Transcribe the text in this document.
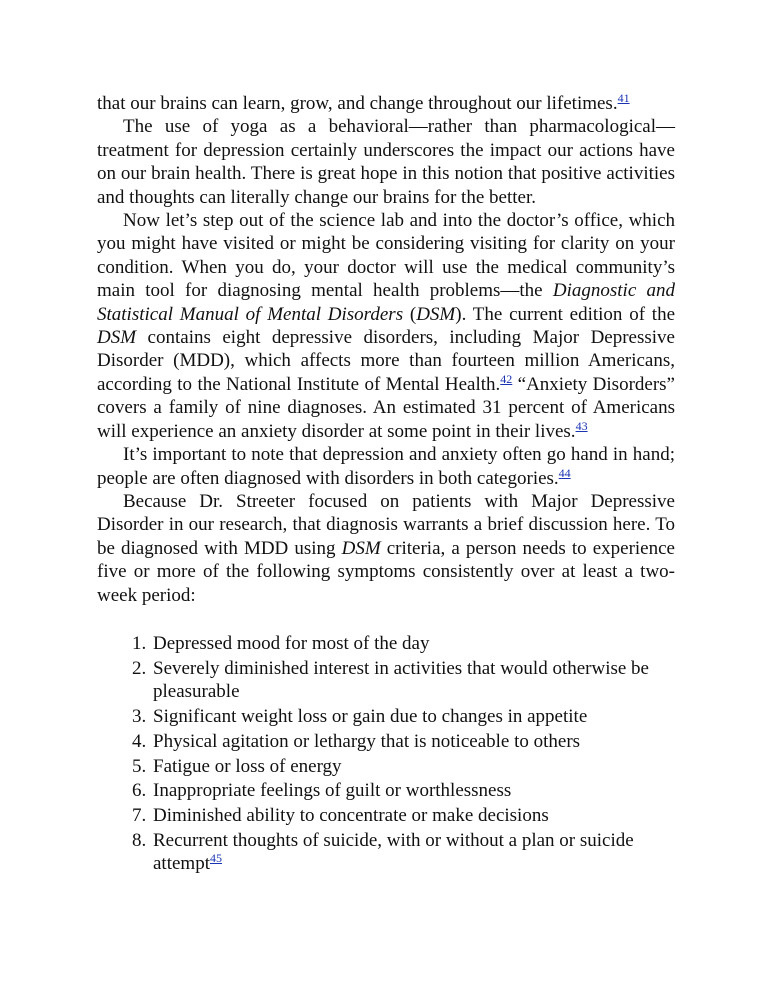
that our brains can learn, grow, and change throughout our lifetimes.$^{41}$

The use of yoga as a behavioral—rather than pharmacological—treatment for depression certainly underscores the impact our actions have on our brain health. There is great hope in this notion that positive activities and thoughts can literally change our brains for the better.

Now let’s step out of the science lab and into the doctor’s office, which you might have visited or might be considering visiting for clarity on your condition. When you do, your doctor will use the medical community’s main tool for diagnosing mental health problems—the Diagnostic and Statistical Manual of Mental Disorders (DSM). The current edition of the DSM contains eight depressive disorders, including Major Depressive Disorder (MDD), which affects more than fourteen million Americans, according to the National Institute of Mental Health.$^{42}$ “Anxiety Disorders” covers a family of nine diagnoses. An estimated 31 percent of Americans will experience an anxiety disorder at some point in their lives.$^{43}$

It’s important to note that depression and anxiety often go hand in hand; people are often diagnosed with disorders in both categories.$^{44}$

Because Dr. Streeter focused on patients with Major Depressive Disorder in our research, that diagnosis warrants a brief discussion here. To be diagnosed with MDD using DSM criteria, a person needs to experience five or more of the following symptoms consistently over at least a two-week period:

1. Depressed mood for most of the day
2. Severely diminished interest in activities that would otherwise be pleasurable
3. Significant weight loss or gain due to changes in appetite
4. Physical agitation or lethargy that is noticeable to others
5. Fatigue or loss of energy
6. Inappropriate feelings of guilt or worthlessness
7. Diminished ability to concentrate or make decisions
8. Recurrent thoughts of suicide, with or without a plan or suicide attempt$^{45}$
